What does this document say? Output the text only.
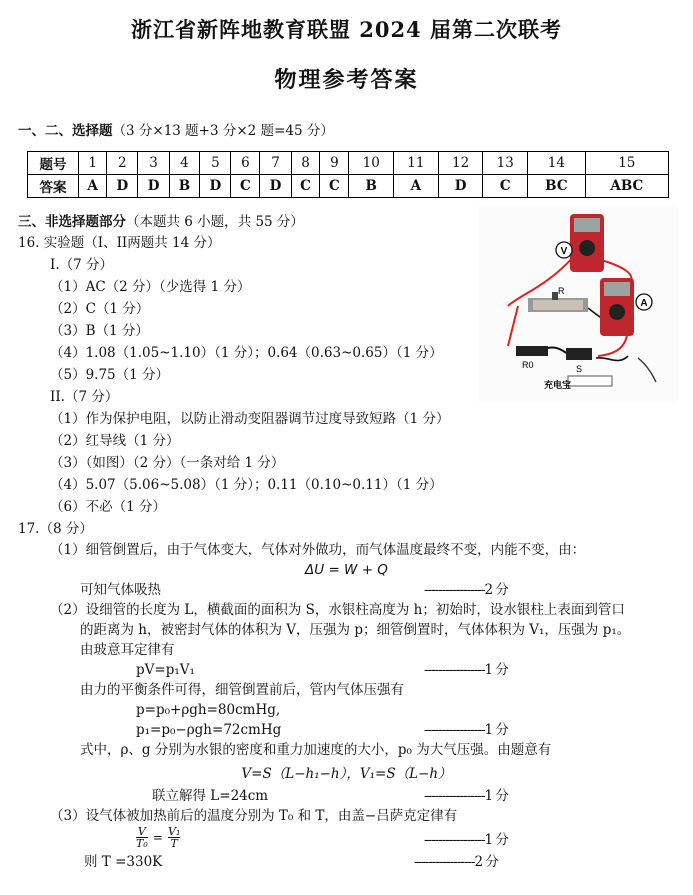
浙江省新阵地教育联盟 2024 届第二次联考
物理参考答案
一、二、选择题（3 分×13 题+3 分×2 题=45 分）
题号	1	2	3	4	5	6	7	8	9	10	11	12	13	14	15
答案	A	D	D	B	D	C	D	C	C	B	A	D	C	BC	ABC
三、非选择题部分（本题共 6 小题，共 55 分）
16. 实验题（I、II两题共 14 分）
I.（7 分）
（1）AC（2 分）（少选得 1 分）
（2）C（1 分）
（3）B（1 分）
（4）1.08（1.05~1.10）（1 分）；0.64（0.63~0.65）（1 分）
（5）9.75（1 分）
II.（7 分）
（1）作为保护电阻，以防止滑动变阻器调节过度导致短路（1 分）
（2）红导线（1 分）
（3）（如图）（2 分）（一条对给 1 分）
（4）5.07（5.06~5.08）（1 分）；0.11（0.10~0.11）（1 分）
（6）不必（1 分）
V
A
R
R0	S
充电宝
17.（8 分）
（1）细管倒置后，由于气体变大，气体对外做功，而气体温度最终不变，内能不变，由：
ΔU = W + Q
可知气体吸热	-----------------2 分
（2）设细管的长度为 L，横截面的面积为 S，水银柱高度为 h；初始时，设水银柱上表面到管口
的距离为 h，被密封气体的体积为 V，压强为 p；细管倒置时，气体体积为 V₁，压强为 p₁。
由玻意耳定律有
pV=p₁V₁	-----------------1 分
由力的平衡条件可得，细管倒置前后，管内气体压强有
p=p₀+ρgh=80cmHg,
p₁=p₀−ρgh=72cmHg	-----------------1 分
式中，ρ、g 分别为水银的密度和重力加速度的大小，p₀ 为大气压强。由题意有
V=S（L−h₁−h），V₁=S（L−h）
联立解得 L=24cm	-----------------1 分
（3）设气体被加热前后的温度分别为 T₀ 和 T，由盖−吕萨克定律有
$\frac{V}{\text{T₀}} = \frac{\text{V₁}}{T}$	-----------------1 分
则 T =330K	-----------------2 分
